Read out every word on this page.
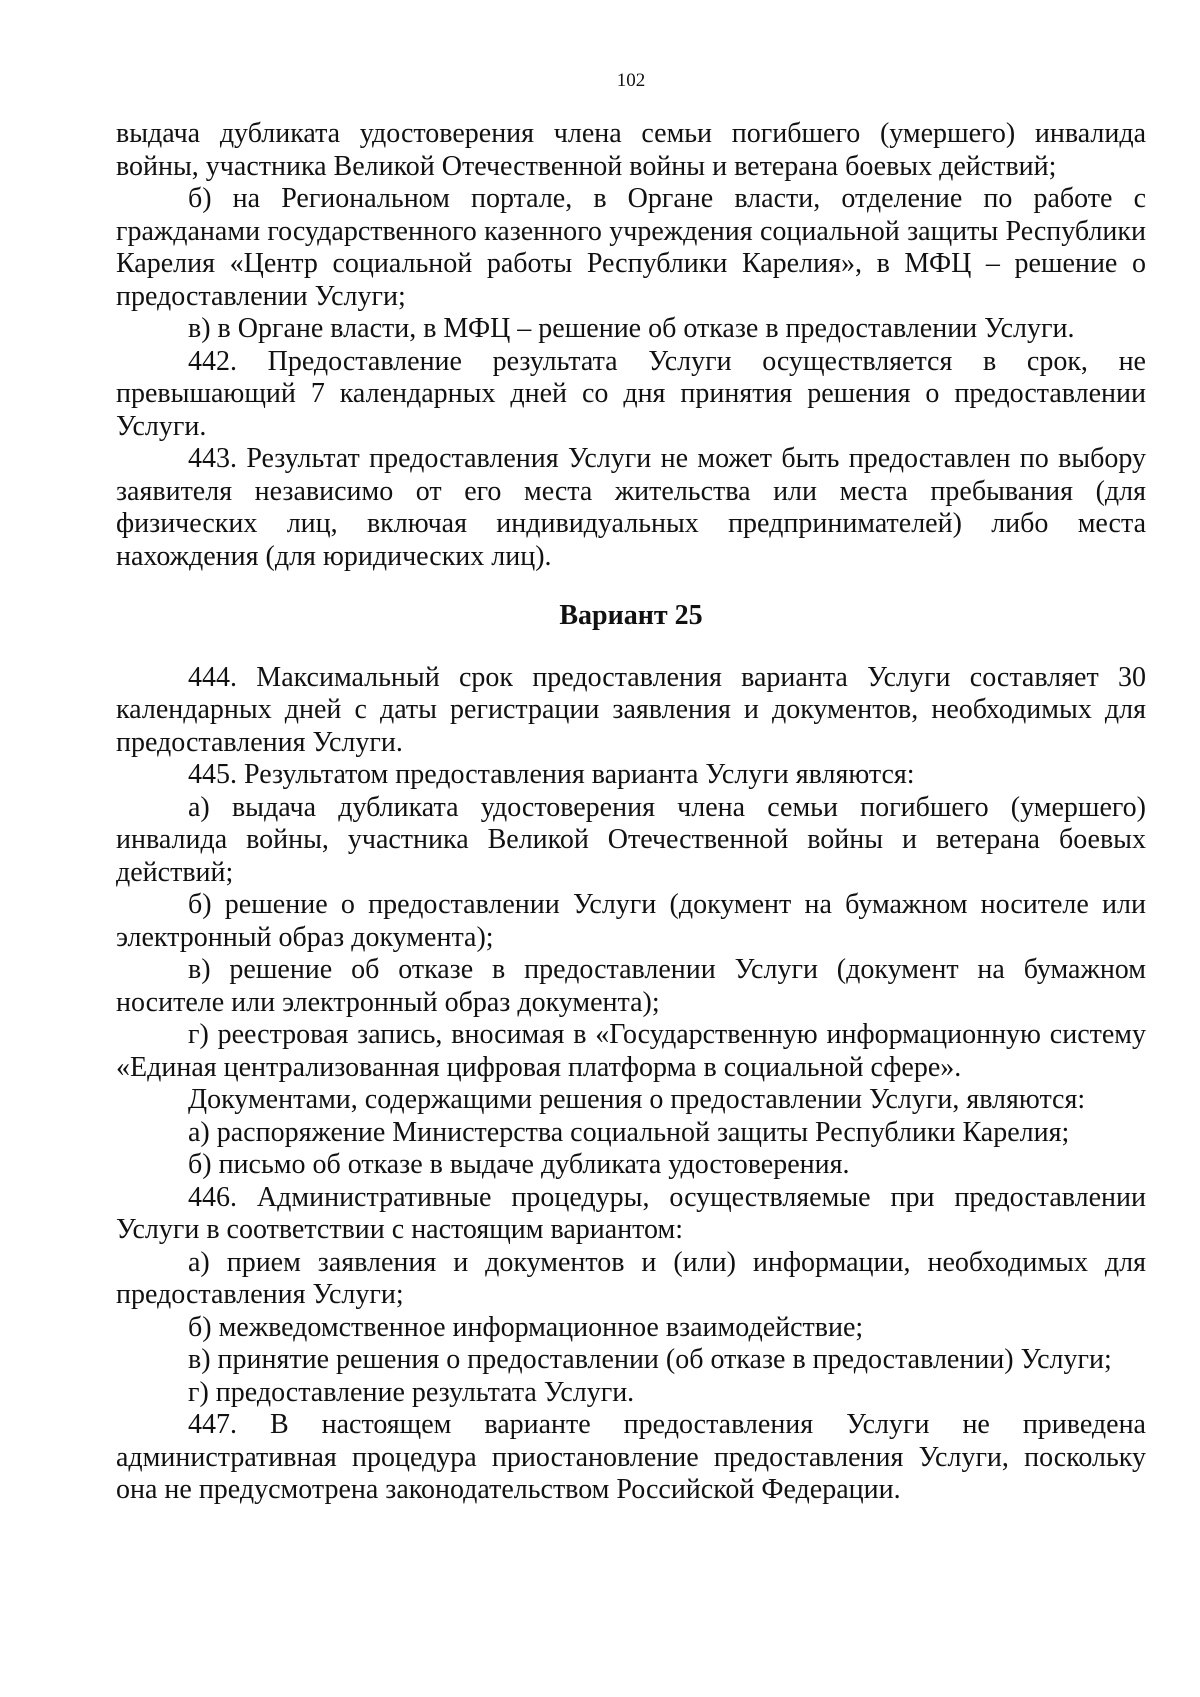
102

выдача дубликата удостоверения члена семьи погибшего (умершего) инвалида войны, участника Великой Отечественной войны и ветерана боевых действий;

б) на Региональном портале, в Органе власти, отделение по работе с гражданами государственного казенного учреждения социальной защиты Республики Карелия «Центр социальной работы Республики Карелия», в МФЦ – решение о предоставлении Услуги;

в) в Органе власти, в МФЦ – решение об отказе в предоставлении Услуги.

442. Предоставление результата Услуги осуществляется в срок, не превышающий 7 календарных дней со дня принятия решения о предоставлении Услуги.

443. Результат предоставления Услуги не может быть предоставлен по выбору заявителя независимо от его места жительства или места пребывания (для физических лиц, включая индивидуальных предпринимателей) либо места нахождения (для юридических лиц).

Вариант 25

444. Максимальный срок предоставления варианта Услуги составляет 30 календарных дней с даты регистрации заявления и документов, необходимых для предоставления Услуги.

445. Результатом предоставления варианта Услуги являются:

а) выдача дубликата удостоверения члена семьи погибшего (умершего) инвалида войны, участника Великой Отечественной войны и ветерана боевых действий;

б) решение о предоставлении Услуги (документ на бумажном носителе или электронный образ документа);

в) решение об отказе в предоставлении Услуги (документ на бумажном носителе или электронный образ документа);

г) реестровая запись, вносимая в «Государственную информационную систему «Единая централизованная цифровая платформа в социальной сфере».

Документами, содержащими решения о предоставлении Услуги, являются:

а) распоряжение Министерства социальной защиты Республики Карелия;

б) письмо об отказе в выдаче дубликата удостоверения.

446. Административные процедуры, осуществляемые при предоставлении Услуги в соответствии с настоящим вариантом:

а) прием заявления и документов и (или) информации, необходимых для предоставления Услуги;

б) межведомственное информационное взаимодействие;

в) принятие решения о предоставлении (об отказе в предоставлении) Услуги;

г) предоставление результата Услуги.

447. В настоящем варианте предоставления Услуги не приведена административная процедура приостановление предоставления Услуги, поскольку она не предусмотрена законодательством Российской Федерации.
